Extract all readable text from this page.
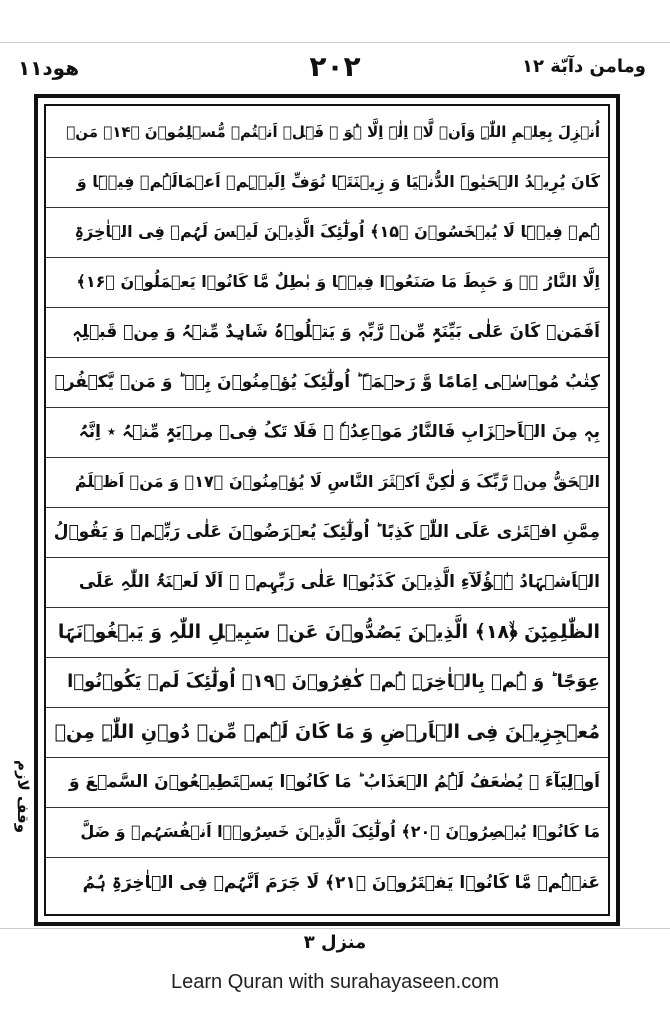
ھود١١	٢٠٢	ومامن دآبّة ١٢
اُنۡزِلَ بِعِلۡمِ اللّٰہِ وَاَنۡ لَّاۤ اِلٰہَ اِلَّا ہُوَ ۚ فَہَلۡ اَنۡتُمۡ مُّسۡلِمُوۡنَ ﴿۱۴﴾ مَنۡ
کَانَ یُرِیۡدُ الۡحَیٰوۃَ الدُّنۡیَا وَ زِیۡنَتَہَا نُوَفِّ اِلَیۡہِمۡ اَعۡمَالَہُمۡ فِیۡہَا وَ
ہُمۡ فِیۡہَا لَا یُبۡخَسُوۡنَ ﴿۱۵﴾ اُولٰٓئِکَ الَّذِیۡنَ لَیۡسَ لَہُمۡ فِی الۡاٰخِرَۃِ
اِلَّا النَّارُ ۫ۖ وَ حَبِطَ مَا صَنَعُوۡا فِیۡہَا وَ بٰطِلٌ مَّا کَانُوۡا یَعۡمَلُوۡنَ ﴿۱۶﴾
اَفَمَنۡ کَانَ عَلٰی بَیِّنَۃٍ مِّنۡ رَّبِّہٖ وَ یَتۡلُوۡہُ شَاہِدٌ مِّنۡہُ وَ مِنۡ قَبۡلِہٖ
کِتٰبُ مُوۡسٰۤی اِمَامًا وَّ رَحۡمَۃً ؕ اُولٰٓئِکَ یُؤۡمِنُوۡنَ بِہٖ ؕ وَ مَنۡ یَّکۡفُرۡ
بِہٖ مِنَ الۡاَحۡزَابِ فَالنَّارُ مَوۡعِدُہٗ ۚ فَلَا تَکُ فِیۡ مِرۡیَۃٍ مِّنۡہُ ٭ اِنَّہُ
الۡحَقُّ مِنۡ رَّبِّکَ وَ لٰکِنَّ اَکۡثَرَ النَّاسِ لَا یُؤۡمِنُوۡنَ ﴿۱۷﴾ وَ مَنۡ اَظۡلَمُ
مِمَّنِ افۡتَرٰی عَلَی اللّٰہِ کَذِبًا ؕ اُولٰٓئِکَ یُعۡرَضُوۡنَ عَلٰی رَبِّہِمۡ وَ یَقُوۡلُ
الۡاَشۡہَادُ ہٰۤؤُلَآءِ الَّذِیۡنَ کَذَبُوۡا عَلٰی رَبِّہِمۡ ۚ اَلَا لَعۡنَۃُ اللّٰہِ عَلَی
الظّٰلِمِیۡنَ ﴿ۙ۱۸﴾ الَّذِیۡنَ یَصُدُّوۡنَ عَنۡ سَبِیۡلِ اللّٰہِ وَ یَبۡغُوۡنَہَا
عِوَجًا ؕ وَ ہُمۡ بِالۡاٰخِرَۃِ ہُمۡ کٰفِرُوۡنَ ﴿۱۹﴾ اُولٰٓئِکَ لَمۡ یَکُوۡنُوۡا
مُعۡجِزِیۡنَ فِی الۡاَرۡضِ وَ مَا کَانَ لَہُمۡ مِّنۡ دُوۡنِ اللّٰہِ مِنۡ
اَوۡلِیَآءَ ۘ یُضٰعَفُ لَہُمُ الۡعَذَابُ ؕ مَا کَانُوۡا یَسۡتَطِیۡعُوۡنَ السَّمۡعَ وَ
مَا کَانُوۡا یُبۡصِرُوۡنَ ﴿۲۰﴾ اُولٰٓئِکَ الَّذِیۡنَ خَسِرُوۡۤا اَنۡفُسَہُمۡ وَ ضَلَّ
عَنۡہُمۡ مَّا کَانُوۡا یَفۡتَرُوۡنَ ﴿۲۱﴾ لَا جَرَمَ اَنَّہُمۡ فِی الۡاٰخِرَۃِ ہُمُ
وقف لازم
منزل ٣
Learn Quran with surahayaseen.com
